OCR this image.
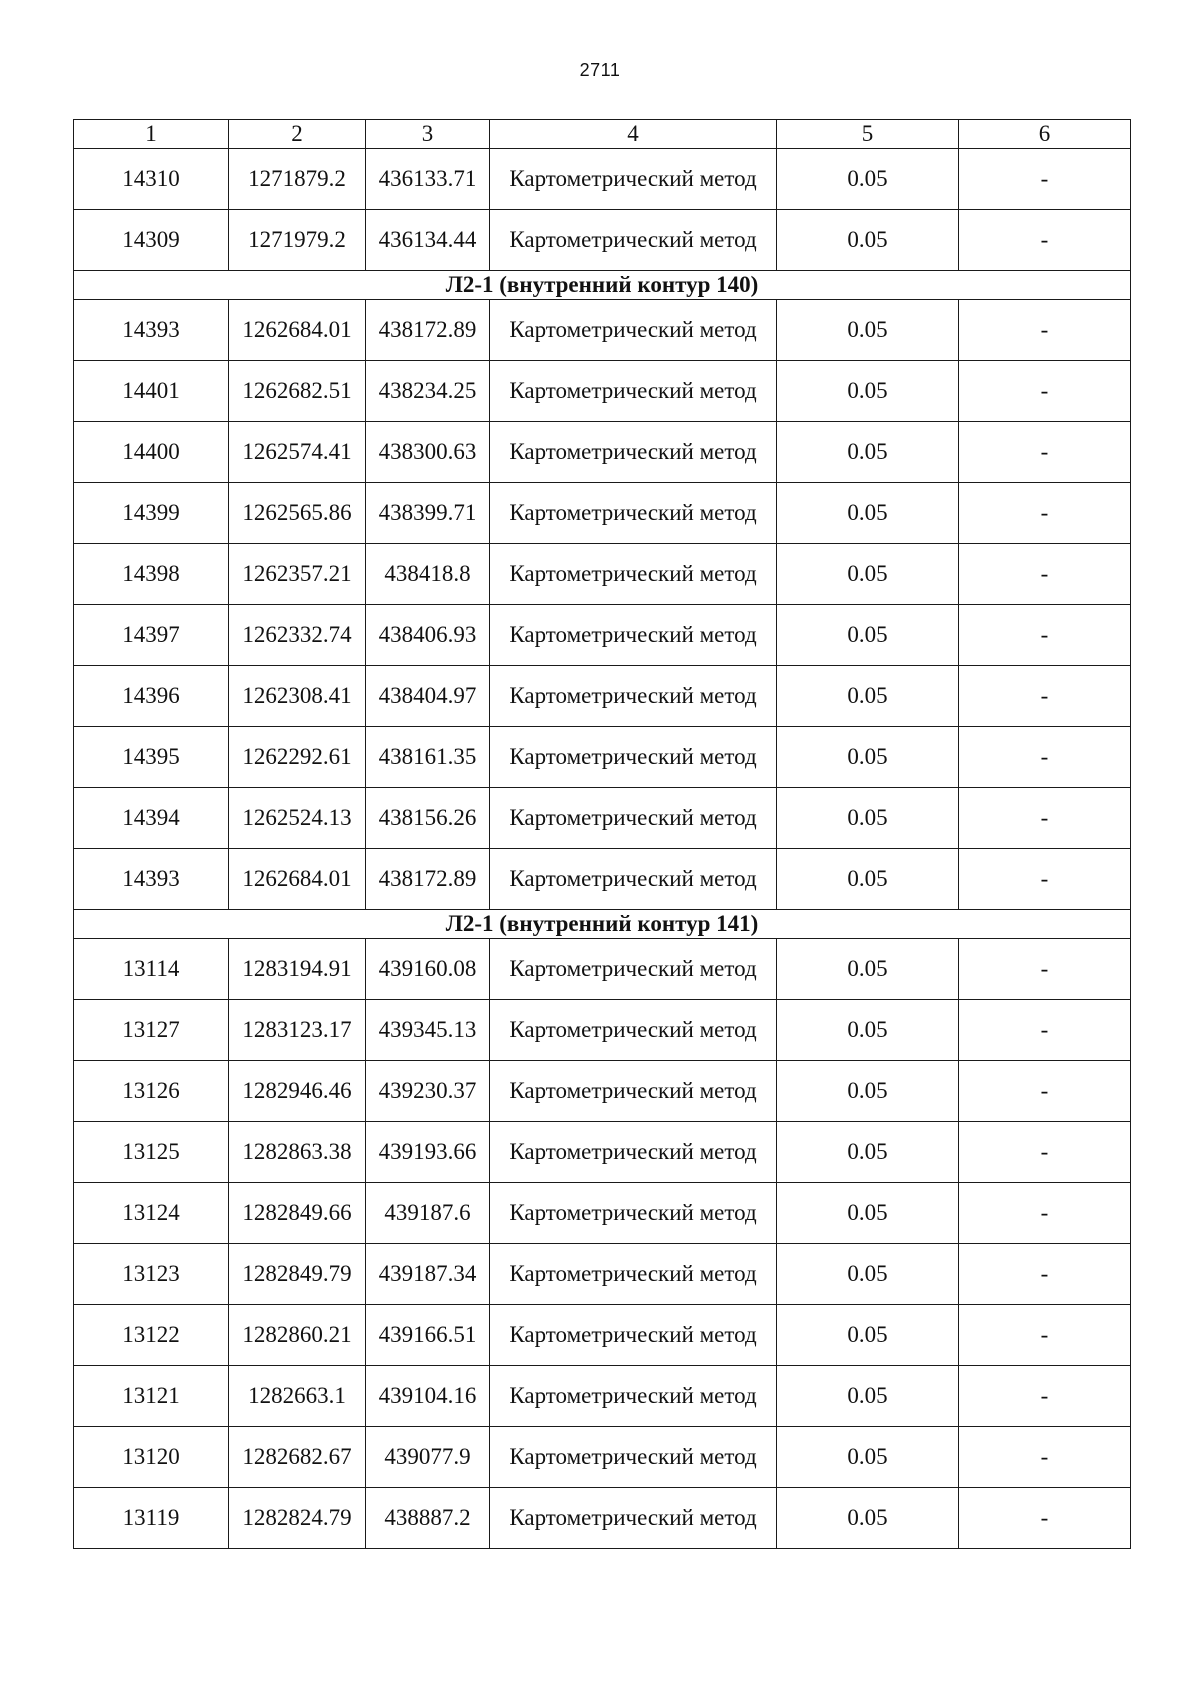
2711
1	2	3	4	5	6
14310	1271879.2	436133.71	Картометрический метод	0.05	-
14309	1271979.2	436134.44	Картометрический метод	0.05	-
Л2-1 (внутренний контур 140)					
14393	1262684.01	438172.89	Картометрический метод	0.05	-
14401	1262682.51	438234.25	Картометрический метод	0.05	-
14400	1262574.41	438300.63	Картометрический метод	0.05	-
14399	1262565.86	438399.71	Картометрический метод	0.05	-
14398	1262357.21	438418.8	Картометрический метод	0.05	-
14397	1262332.74	438406.93	Картометрический метод	0.05	-
14396	1262308.41	438404.97	Картометрический метод	0.05	-
14395	1262292.61	438161.35	Картометрический метод	0.05	-
14394	1262524.13	438156.26	Картометрический метод	0.05	-
14393	1262684.01	438172.89	Картометрический метод	0.05	-
Л2-1 (внутренний контур 141)					
13114	1283194.91	439160.08	Картометрический метод	0.05	-
13127	1283123.17	439345.13	Картометрический метод	0.05	-
13126	1282946.46	439230.37	Картометрический метод	0.05	-
13125	1282863.38	439193.66	Картометрический метод	0.05	-
13124	1282849.66	439187.6	Картометрический метод	0.05	-
13123	1282849.79	439187.34	Картометрический метод	0.05	-
13122	1282860.21	439166.51	Картометрический метод	0.05	-
13121	1282663.1	439104.16	Картометрический метод	0.05	-
13120	1282682.67	439077.9	Картометрический метод	0.05	-
13119	1282824.79	438887.2	Картометрический метод	0.05	-
